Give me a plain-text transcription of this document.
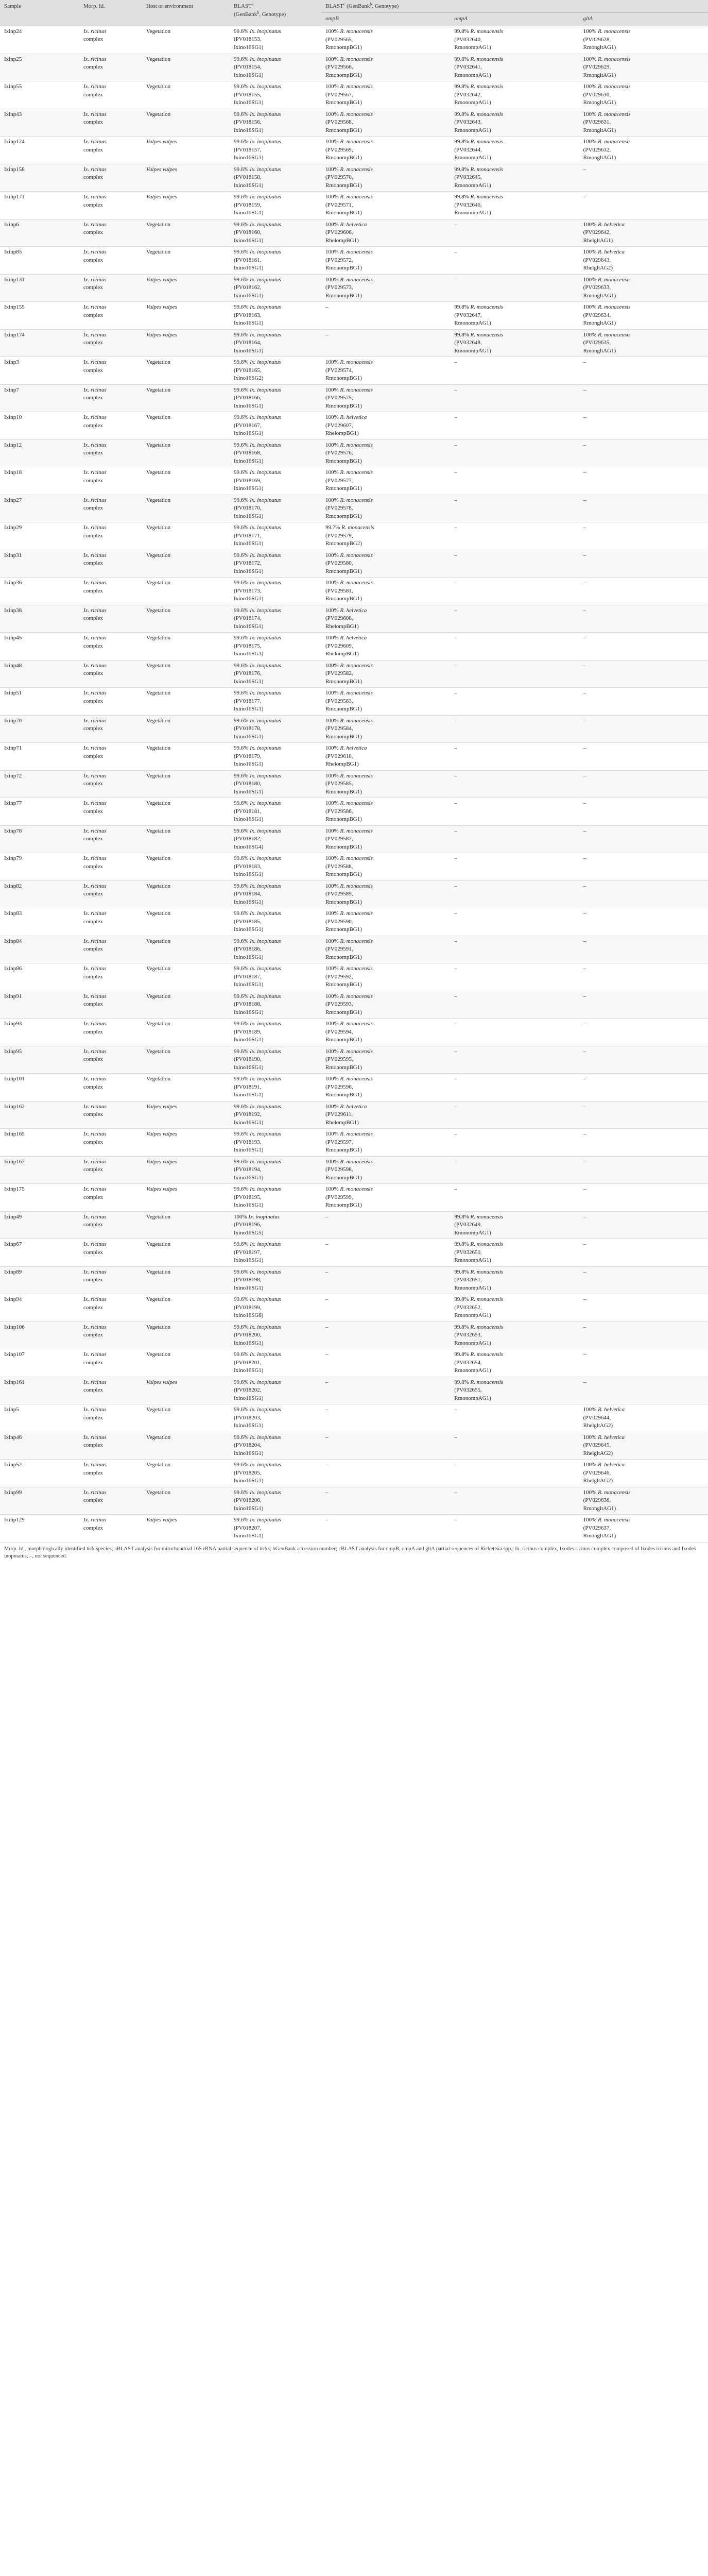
Sample	Morp. Id.	Host or environment	BLAST$^a$
(GenBank$^b$, Genotype)	BLAST$^c$ (GenBank$^b$, Genotype)		
				ompB	ompA	gltA
Ixinp24	Ix. ricinus
complex	Vegetation	99.6% Ix. inopinatus
(PV018153,
Ixino16SG1)	100% R. monacensis
(PV029565,
RmonompBG1)	99.8% R. monacensis
(PV032640,
RmonompAG1)	100% R. monacensis
(PV029628,
RmongltAG1)
Ixinp25	Ix. ricinus
complex	Vegetation	99.6% Ix. inopinatus
(PV018154,
Ixino16SG1)	100% R. monacensis
(PV029566,
RmonompBG1)	99.8% R. monacensis
(PV032641,
RmonompAG1)	100% R. monacensis
(PV029629,
RmongltAG1)
Ixinp55	Ix. ricinus
complex	Vegetation	99.6% Ix. inopinatus
(PV018155,
Ixino16SG1)	100% R. monacensis
(PV029567,
RmonompBG1)	99.8% R. monacensis
(PV032642,
RmonompAG1)	100% R. monacensis
(PV029630,
RmongltAG1)
Ixinp43	Ix. ricinus
complex	Vegetation	99.6% Ix. inopinatus
(PV018156,
Ixino16SG1)	100% R. monacensis
(PV029568,
RmonompBG1)	99.8% R. monacensis
(PV032643,
RmonompAG1)	100% R. monacensis
(PV029631,
RmongltAG1)
Ixinp124	Ix. ricinus
complex	Vulpes vulpes	99.6% Ix. inopinatus
(PV018157,
Ixino16SG1)	100% R. monacensis
(PV029569,
RmonompBG1)	99.8% R. monacensis
(PV032644,
RmonompAG1)	100% R. monacensis
(PV029632,
RmongltAG1)
Ixinp158	Ix. ricinus
complex	Vulpes vulpes	99.6% Ix. inopinatus
(PV018158,
Ixino16SG1)	100% R. monacensis
(PV029570,
RmonompBG1)	99.8% R. monacensis
(PV032645,
RmonompAG1)	–
Ixinp171	Ix. ricinus
complex	Vulpes vulpes	99.6% Ix. inopinatus
(PV018159,
Ixino16SG1)	100% R. monacensis
(PV029571,
RmonompBG1)	99.8% R. monacensis
(PV032646,
RmonompAG1)	–
Ixinp6	Ix. ricinus
complex	Vegetation	99.6% Ix. inopinatus
(PV018160,
Ixino16SG1)	100% R. helvetica
(PV029606,
RhelompBG1)	–	100% R. helvetica
(PV029642,
RhelgltAG1)
Ixinp85	Ix. ricinus
complex	Vegetation	99.6% Ix. inopinatus
(PV018161,
Ixino16SG1)	100% R. monacensis
(PV029572,
RmonompBG1)	–	100% R. helvetica
(PV029643,
RhelgltAG2)
Ixinp131	Ix. ricinus
complex	Vulpes vulpes	99.6% Ix. inopinatus
(PV018162,
Ixino16SG1)	100% R. monacensis
(PV029573,
RmonompBG1)	–	100% R. monacensis
(PV029633,
RmongltAG1)
Ixinp155	Ix. ricinus
complex	Vulpes vulpes	99.6% Ix. inopinatus
(PV018163,
Ixino16SG1)	–	99.8% R. monacensis
(PV032647,
RmonompAG1)	100% R. monacensis
(PV029634,
RmongltAG1)
Ixinp174	Ix. ricinus
complex	Vulpes vulpes	99.6% Ix. inopinatus
(PV018164,
Ixino16SG1)	–	99.8% R. monacensis
(PV032648,
RmonompAG1)	100% R. monacensis
(PV029635,
RmongltAG1)
Ixinp3	Ix. ricinus
complex	Vegetation	99.6% Ix. inopinatus
(PV018165,
Ixino16SG2)	100% R. monacensis
(PV029574,
RmonompBG1)	–	–
Ixinp7	Ix. ricinus
complex	Vegetation	99.6% Ix. inopinatus
(PV018166,
Ixino16SG1)	100% R. monacensis
(PV029575,
RmonompBG1)	–	–
Ixinp10	Ix. ricinus
complex	Vegetation	99.6% Ix. inopinatus
(PV018167,
Ixino16SG1)	100% R. helvetica
(PV029607,
RhelompBG1)	–	–
Ixinp12	Ix. ricinus
complex	Vegetation	99.6% Ix. inopinatus
(PV018168,
Ixino16SG1)	100% R. monacensis
(PV029576,
RmonompBG1)	–	–
Ixinp18	Ix. ricinus
complex	Vegetation	99.6% Ix. inopinatus
(PV018169,
Ixino16SG1)	100% R. monacensis
(PV029577,
RmonompBG1)	–	–
Ixinp27	Ix. ricinus
complex	Vegetation	99.6% Ix. inopinatus
(PV018170,
Ixino16SG1)	100% R. monacensis
(PV029578,
RmonompBG1)	–	–
Ixinp29	Ix. ricinus
complex	Vegetation	99.6% Ix. inopinatus
(PV018171,
Ixino16SG1)	99.7% R. monacensis
(PV029579,
RmonompBG2)	–	–
Ixinp31	Ix. ricinus
complex	Vegetation	99.6% Ix. inopinatus
(PV018172,
Ixino16SG1)	100% R. monacensis
(PV029580,
RmonompBG1)	–	–
Ixinp36	Ix. ricinus
complex	Vegetation	99.6% Ix. inopinatus
(PV018173,
Ixino16SG1)	100% R. monacensis
(PV029581,
RmonompBG1)	–	–
Ixinp38	Ix. ricinus
complex	Vegetation	99.6% Ix. inopinatus
(PV018174,
Ixino16SG1)	100% R. helvetica
(PV029608,
RhelompBG1)	–	–
Ixinp45	Ix. ricinus
complex	Vegetation	99.6% Ix. inopinatus
(PV018175,
Ixino16SG3)	100% R. helvetica
(PV029609,
RhelompBG1)	–	–
Ixinp48	Ix. ricinus
complex	Vegetation	99.6% Ix. inopinatus
(PV018176,
Ixino16SG1)	100% R. monacensis
(PV029582,
RmonompBG1)	–	–
Ixinp51	Ix. ricinus
complex	Vegetation	99.6% Ix. inopinatus
(PV018177,
Ixino16SG1)	100% R. monacensis
(PV029583,
RmonompBG1)	–	–
Ixinp70	Ix. ricinus
complex	Vegetation	99.6% Ix. inopinatus
(PV018178,
Ixino16SG1)	100% R. monacensis
(PV029584,
RmonompBG1)	–	–
Ixinp71	Ix. ricinus
complex	Vegetation	99.6% Ix. inopinatus
(PV018179,
Ixino16SG1)	100% R. helvetica
(PV029610,
RhelompBG1)	–	–
Ixinp72	Ix. ricinus
complex	Vegetation	99.6% Ix. inopinatus
(PV018180,
Ixino16SG1)	100% R. monacensis
(PV029585,
RmonompBG1)	–	–
Ixinp77	Ix. ricinus
complex	Vegetation	99.6% Ix. inopinatus
(PV018181,
Ixino16SG1)	100% R. monacensis
(PV029586,
RmonompBG1)	–	–
Ixinp78	Ix. ricinus
complex	Vegetation	99.6% Ix. inopinatus
(PV018182,
Ixino16SG4)	100% R. monacensis
(PV029587,
RmonompBG1)	–	–
Ixinp79	Ix. ricinus
complex	Vegetation	99.6% Ix. inopinatus
(PV018183,
Ixino16SG1)	100% R. monacensis
(PV029588,
RmonompBG1)	–	–
Ixinp82	Ix. ricinus
complex	Vegetation	99.6% Ix. inopinatus
(PV018184,
Ixino16SG1)	100% R. monacensis
(PV029589,
RmonompBG1)	–	–
Ixinp83	Ix. ricinus
complex	Vegetation	99.6% Ix. inopinatus
(PV018185,
Ixino16SG1)	100% R. monacensis
(PV029590,
RmonompBG1)	–	–
Ixinp84	Ix. ricinus
complex	Vegetation	99.6% Ix. inopinatus
(PV018186,
Ixino16SG1)	100% R. monacensis
(PV029591,
RmonompBG1)	–	–
Ixinp86	Ix. ricinus
complex	Vegetation	99.6% Ix. inopinatus
(PV018187,
Ixino16SG1)	100% R. monacensis
(PV029592,
RmonompBG1)	–	–
Ixinp91	Ix. ricinus
complex	Vegetation	99.6% Ix. inopinatus
(PV018188,
Ixino16SG1)	100% R. monacensis
(PV029593,
RmonompBG1)	–	–
Ixinp93	Ix. ricinus
complex	Vegetation	99.6% Ix. inopinatus
(PV018189,
Ixino16SG1)	100% R. monacensis
(PV029594,
RmonompBG1)	–	–
Ixinp95	Ix. ricinus
complex	Vegetation	99.6% Ix. inopinatus
(PV018190,
Ixino16SG1)	100% R. monacensis
(PV029595,
RmonompBG1)	–	–
Ixinp101	Ix. ricinus
complex	Vegetation	99.6% Ix. inopinatus
(PV018191,
Ixino16SG1)	100% R. monacensis
(PV029596,
RmonompBG1)	–	–
Ixinp162	Ix. ricinus
complex	Vulpes vulpes	99.6% Ix. inopinatus
(PV018192,
Ixino16SG1)	100% R. helvetica
(PV029611,
RhelompBG1)	–	–
Ixinp165	Ix. ricinus
complex	Vulpes vulpes	99.6% Ix. inopinatus
(PV018193,
Ixino16SG1)	100% R. monacensis
(PV029597,
RmonompBG1)	–	–
Ixinp167	Ix. ricinus
complex	Vulpes vulpes	99.6% Ix. inopinatus
(PV018194,
Ixino16SG1)	100% R. monacensis
(PV029598,
RmonompBG1)	–	–
Ixinp175	Ix. ricinus
complex	Vulpes vulpes	99.6% Ix. inopinatus
(PV018195,
Ixino16SG1)	100% R. monacensis
(PV029599,
RmonompBG1)	–	–
Ixinp49	Ix. ricinus
complex	Vegetation	100% Ix. inopinatus
(PV018196,
Ixino16SG5)	–	99.8% R. monacensis
(PV032649,
RmonompAG1)	–
Ixinp67	Ix. ricinus
complex	Vegetation	99.6% Ix. inopinatus
(PV018197,
Ixino16SG1)	–	99.8% R. monacensis
(PV032650,
RmonompAG1)	–
Ixinp89	Ix. ricinus
complex	Vegetation	99.6% Ix. inopinatus
(PV018198,
Ixino16SG1)	–	99.8% R. monacensis
(PV032651,
RmonompAG1)	–
Ixinp94	Ix. ricinus
complex	Vegetation	99.6% Ix. inopinatus
(PV018199,
Ixino16SG6)	–	99.8% R. monacensis
(PV032652,
RmonompAG1)	–
Ixinp106	Ix. ricinus
complex	Vegetation	99.6% Ix. inopinatus
(PV018200,
Ixino16SG1)	–	99.8% R. monacensis
(PV032653,
RmonompAG1)	–
Ixinp107	Ix. ricinus
complex	Vegetation	99.6% Ix. inopinatus
(PV018201,
Ixino16SG1)	–	99.8% R. monacensis
(PV032654,
RmonompAG1)	–
Ixinp161	Ix. ricinus
complex	Vulpes vulpes	99.6% Ix. inopinatus
(PV018202,
Ixino16SG1)	–	99.8% R. monacensis
(PV032655,
RmonompAG1)	–
Ixinp5	Ix. ricinus
complex	Vegetation	99.6% Ix. inopinatus
(PV018203,
Ixino16SG1)	–	–	100% R. helvetica
(PV029644,
RhelgltAG2)
Ixinp46	Ix. ricinus
complex	Vegetation	99.6% Ix. inopinatus
(PV018204,
Ixino16SG1)	–	–	100% R. helvetica
(PV029645,
RhelgltAG2)
Ixinp52	Ix. ricinus
complex	Vegetation	99.6% Ix. inopinatus
(PV018205,
Ixino16SG1)	–	–	100% R. helvetica
(PV029646,
RhelgltAG2)
Ixinp99	Ix. ricinus
complex	Vegetation	99.6% Ix. inopinatus
(PV018206,
Ixino16SG1)	–	–	100% R. monacensis
(PV029636,
RmongltAG1)
Ixinp129	Ix. ricinus
complex	Vulpes vulpes	99.6% Ix. inopinatus
(PV018207,
Ixino16SG1)	–	–	100% R. monacensis
(PV029637,
RmongltAG1)
Morp. Id., morphologically identified tick species; aBLAST analysis for mitochondrial 16S rRNA partial sequence of ticks; bGenBank accession number; cBLAST analysis for ompB, ompA and gltA partial sequences of Rickettsia spp.; Ix. ricinus complex, Ixodes ricinus complex composed of Ixodes ricinus and Ixodes inopinatus; –, not sequenced.
